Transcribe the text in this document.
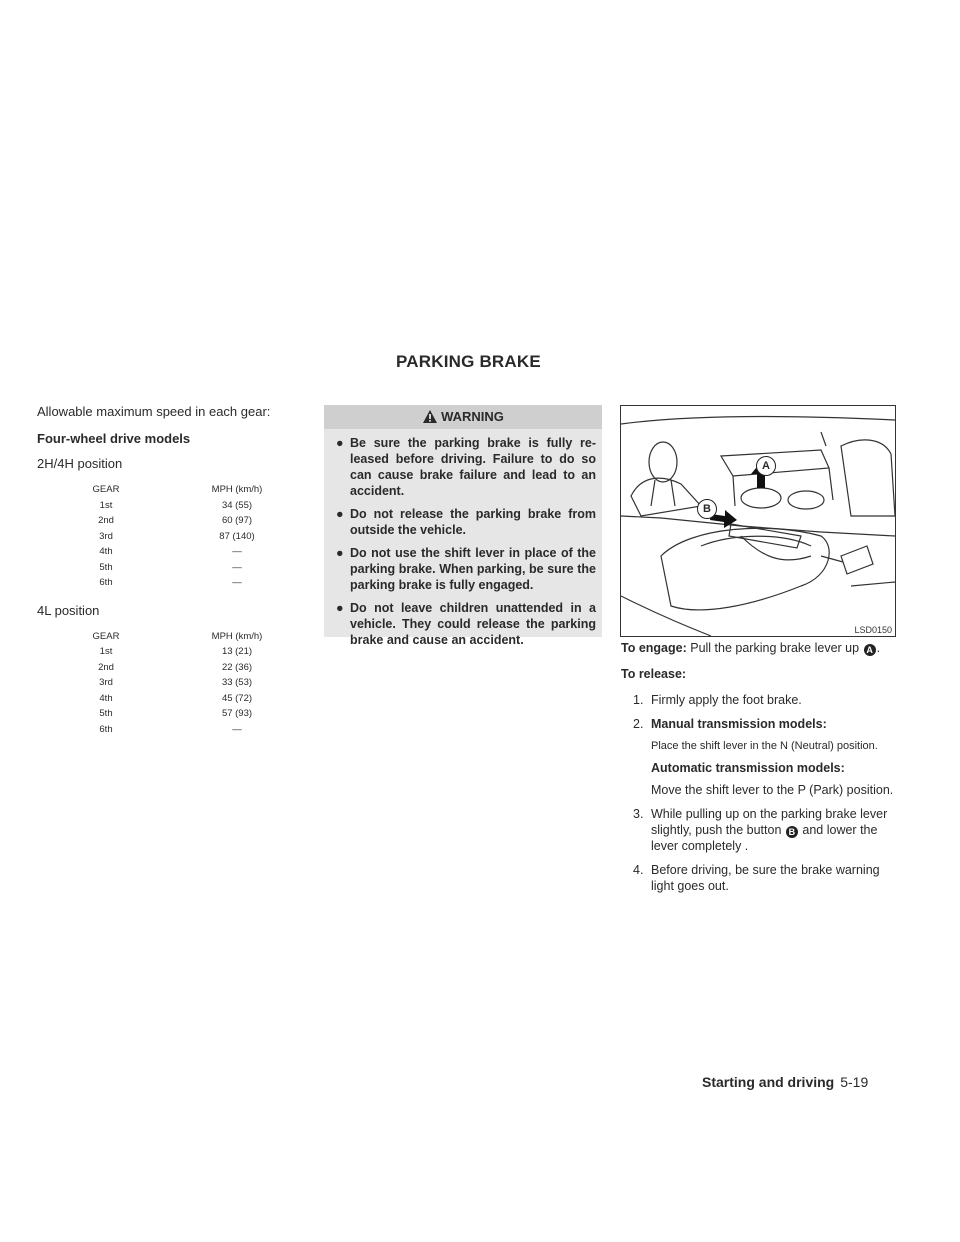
PARKING BRAKE

Allowable maximum speed in each gear:

Four-wheel drive models

2H/4H position

GEAR	MPH (km/h)
1st	34 (55)
2nd	60 (97)
3rd	87 (140)
4th	—
5th	—
6th	—

4L position

GEAR	MPH (km/h)
1st	13 (21)
2nd	22 (36)
3rd	33 (53)
4th	45 (72)
5th	57 (93)
6th	—
WARNING
● Be sure the parking brake is fully re-leased before driving. Failure to do so can cause brake failure and lead to an accident.
● Do not release the parking brake from outside the vehicle.
● Do not use the shift lever in place of the parking brake. When parking, be sure the parking brake is fully engaged.
● Do not leave children unattended in a vehicle. They could release the parking brake and cause an accident.
A
B
LSD0150

To engage: Pull the parking brake lever up A .

To release:

1. Firmly apply the foot brake.
2. Manual transmission models:

Place the shift lever in the N (Neutral) position.

Automatic transmission models:

Move the shift lever to the P (Park) position.

3. While pulling up on the parking brake lever slightly, push the button B and lower the lever completely .
4. Before driving, be sure the brake warning light goes out.
Starting and driving 5-19
